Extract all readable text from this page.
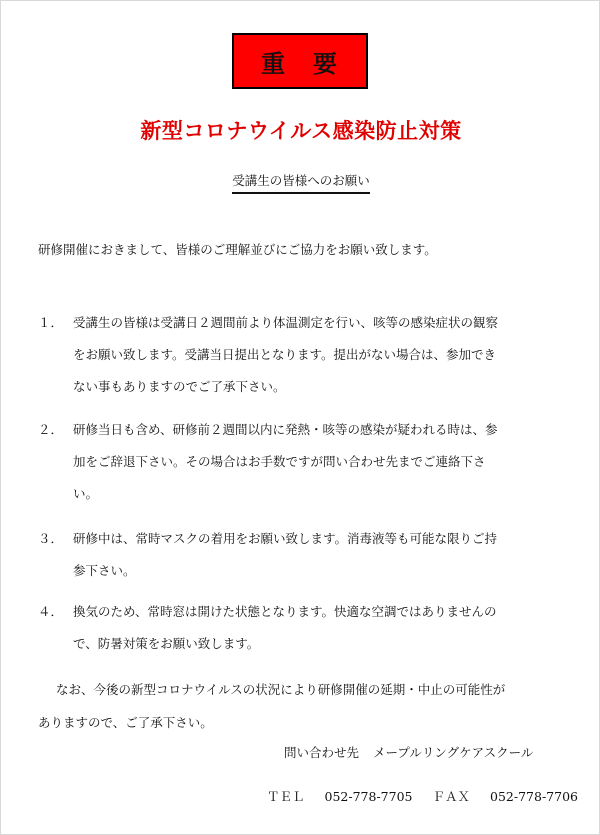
重　要
新型コロナウイルス感染防止対策
受講生の皆様へのお願い
研修開催におきまして、皆様のご理解並びにご協力をお願い致します。
１． 受講生の皆様は受講日２週間前より体温測定を行い、咳等の感染症状の観察
をお願い致します。受講当日提出となります。提出がない場合は、参加でき
ない事もありますのでご了承下さい。
２． 研修当日も含め、研修前２週間以内に発熱・咳等の感染が疑われる時は、参
加をご辞退下さい。その場合はお手数ですが問い合わせ先までご連絡下さ
い。
３． 研修中は、常時マスクの着用をお願い致します。消毒液等も可能な限りご持
参下さい。
４． 換気のため、常時窓は開けた状態となります。快適な空調ではありませんの
で、防暑対策をお願い致します。
なお、今後の新型コロナウイルスの状況により研修開催の延期・中止の可能性が
ありますので、ご了承下さい。
問い合わせ先 メープルリングケアスクール
ＴＥＬ 052-778-7705 ＦＡＸ 052-778-7706
